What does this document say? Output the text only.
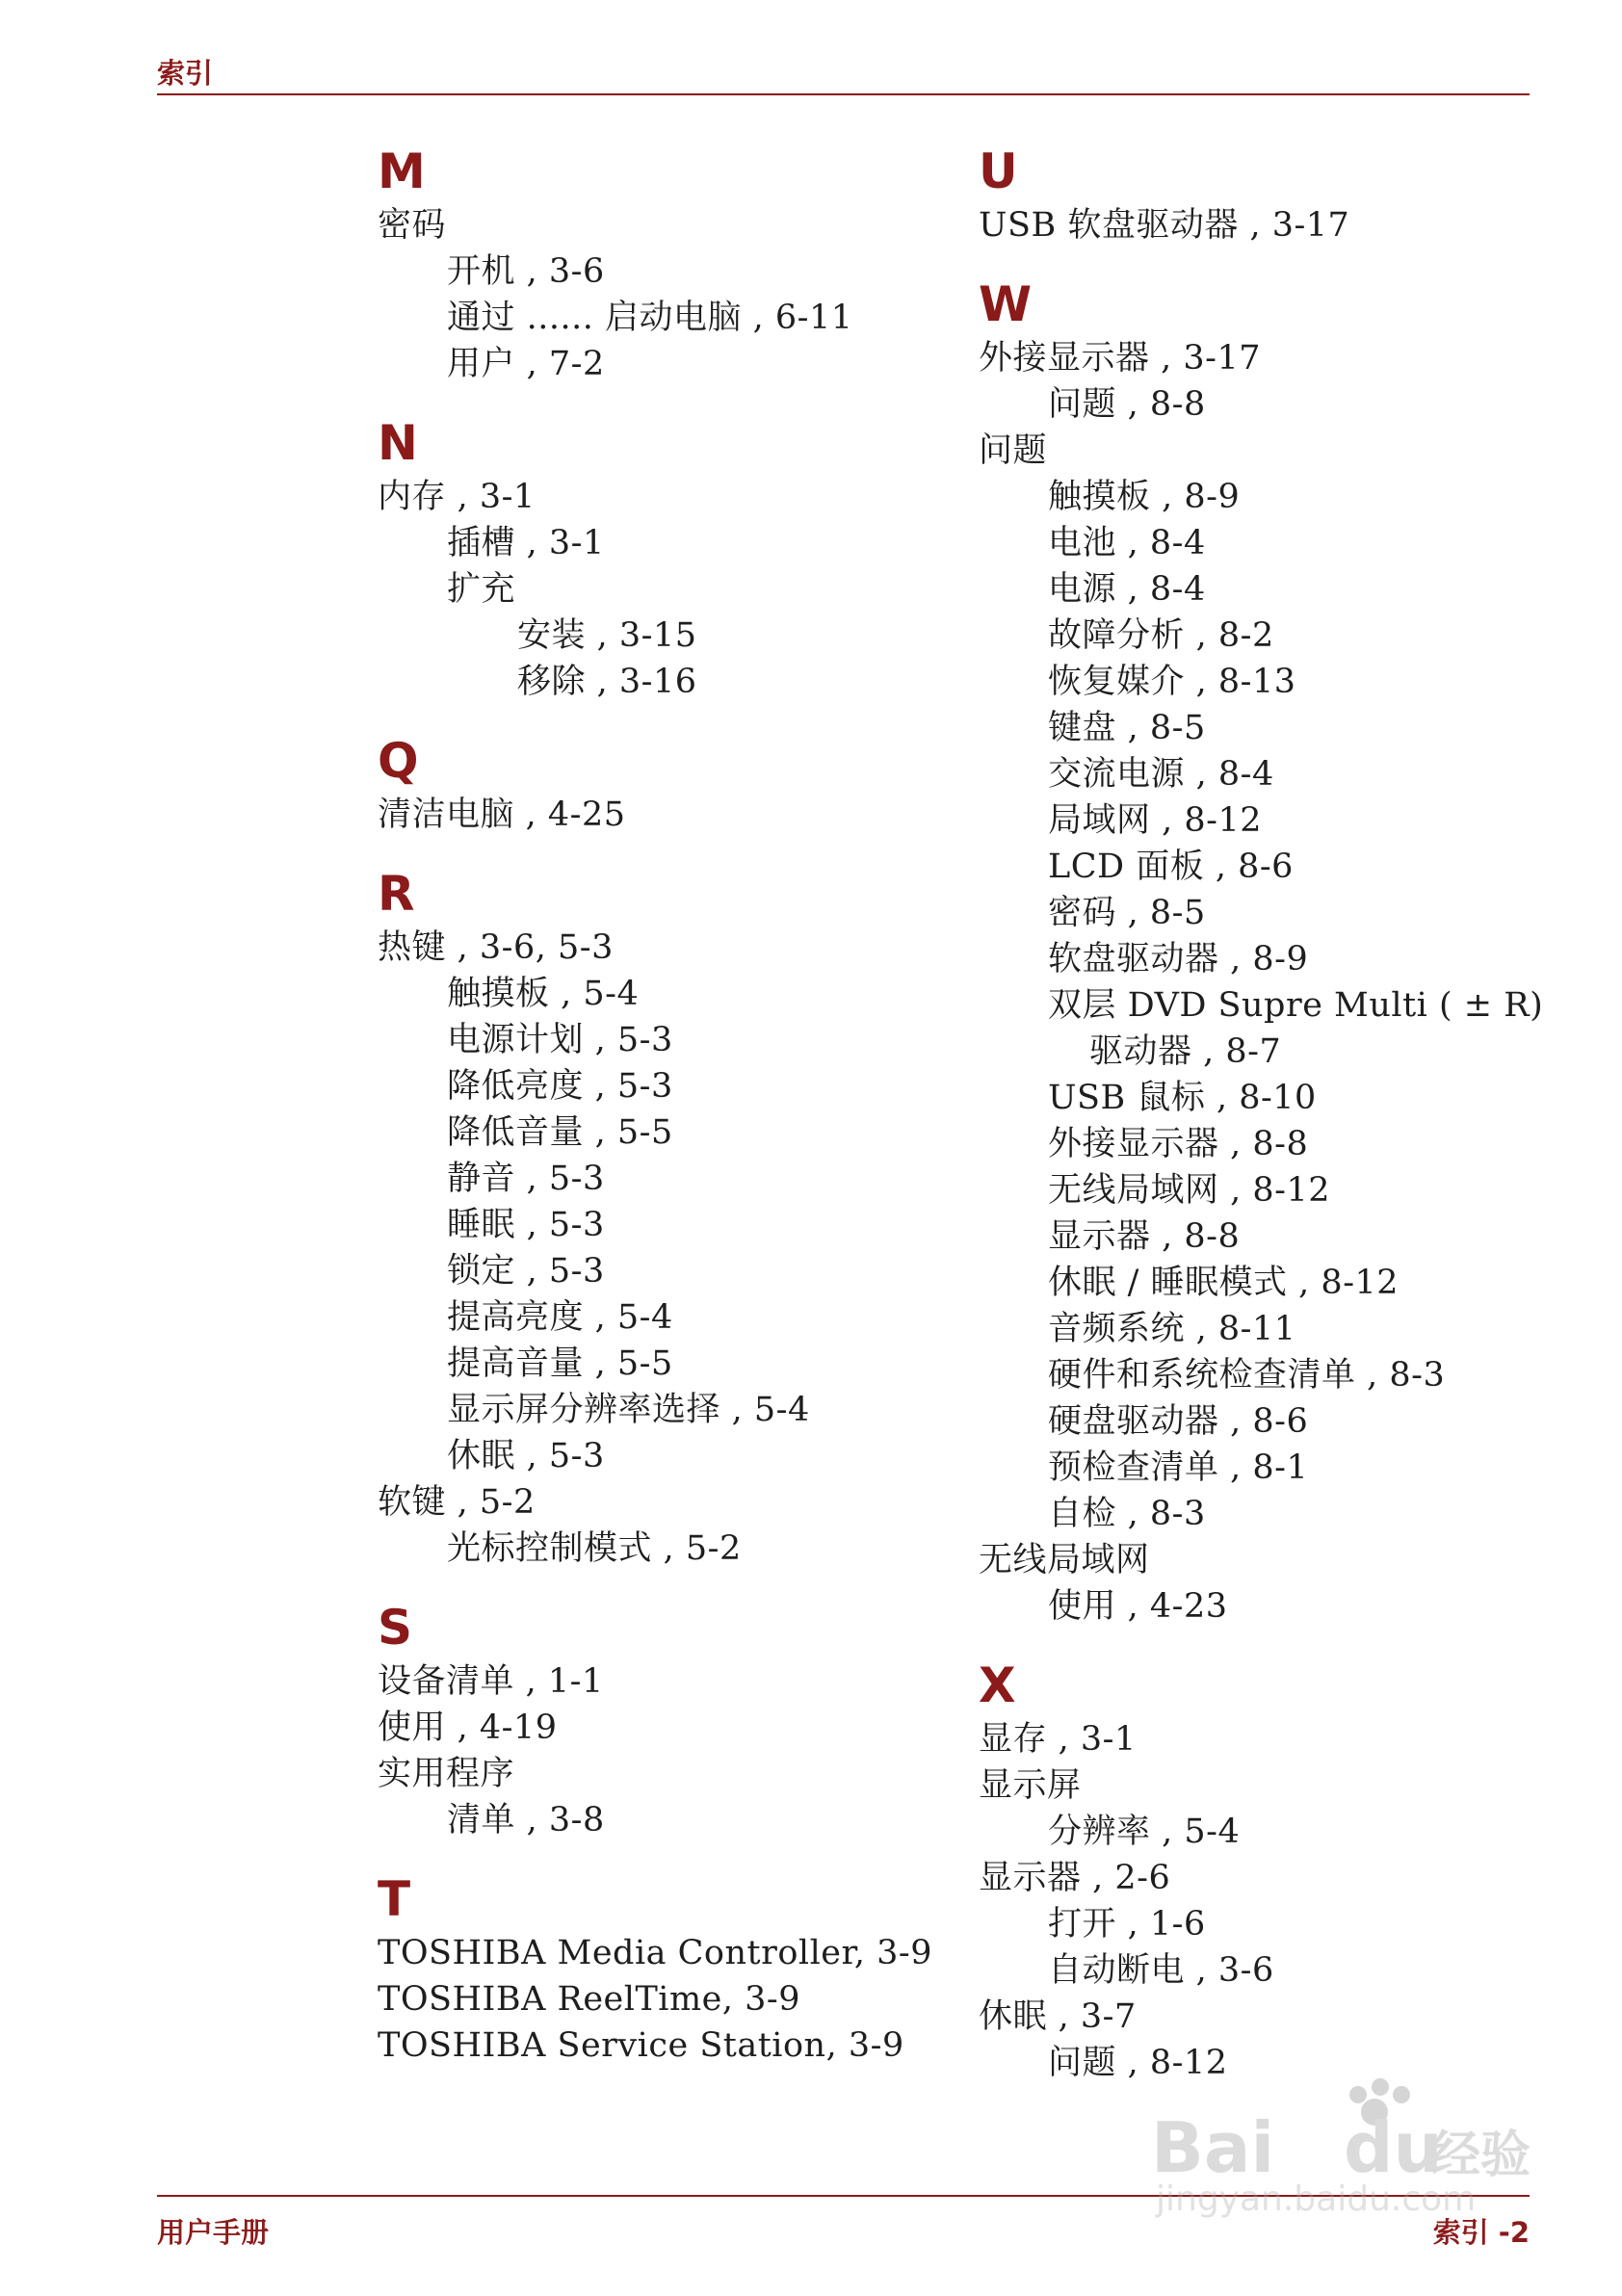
索引
M
密码
开机 , 3-6
通过 ...... 启动电脑 , 6-11
用户 , 7-2
N
内存 , 3-1
插槽 , 3-1
扩充
安装 , 3-15
移除 , 3-16
Q
清洁电脑 , 4-25
R
热键 , 3-6, 5-3
触摸板 , 5-4
电源计划 , 5-3
降低亮度 , 5-3
降低音量 , 5-5
静音 , 5-3
睡眠 , 5-3
锁定 , 5-3
提高亮度 , 5-4
提高音量 , 5-5
显示屏分辨率选择 , 5-4
休眠 , 5-3
软键 , 5-2
光标控制模式 , 5-2
S
设备清单 , 1-1
使用 , 4-19
实用程序
清单 , 3-8
T
TOSHIBA Media Controller, 3-9
TOSHIBA ReelTime, 3-9
TOSHIBA Service Station, 3-9
U
USB 软盘驱动器 , 3-17
W
外接显示器 , 3-17
问题 , 8-8
问题
触摸板 , 8-9
电池 , 8-4
电源 , 8-4
故障分析 , 8-2
恢复媒介 , 8-13
键盘 , 8-5
交流电源 , 8-4
局域网 , 8-12
LCD 面板 , 8-6
密码 , 8-5
软盘驱动器 , 8-9
双层 DVD Supre Multi ( ± R)
驱动器 , 8-7
USB 鼠标 , 8-10
外接显示器 , 8-8
无线局域网 , 8-12
显示器 , 8-8
休眠 / 睡眠模式 , 8-12
音频系统 , 8-11
硬件和系统检查清单 , 8-3
硬盘驱动器 , 8-6
预检查清单 , 8-1
自检 , 8-3
无线局域网
使用 , 4-23
X
显存 , 3-1
显示屏
分辨率 , 5-4
显示器 , 2-6
打开 , 1-6
自动断电 , 3-6
休眠 , 3-7
问题 , 8-12
用户手册	索引 -2
Bai du
经验
jingyan.baidu.com
